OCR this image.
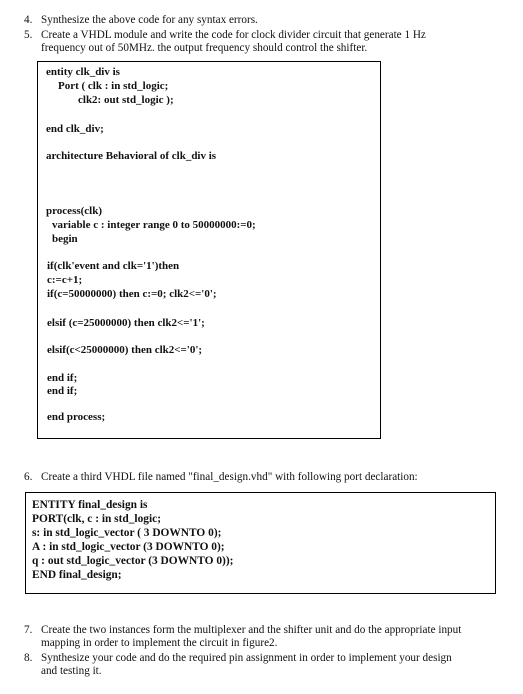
4. Synthesize the above code for any syntax errors.
5. Create a VHDL module and write the code for clock divider circuit that generate 1 Hz
frequency out of 50MHz. the output frequency should control the shifter.
entity clk_div is
Port ( clk : in std_logic;
clk2: out std_logic );
end clk_div;
architecture Behavioral of clk_div is
process(clk)
variable c : integer range 0 to 50000000:=0;
begin
if(clk'event and clk='1')then
c:=c+1;
if(c=50000000) then c:=0; clk2<='0';
elsif (c=25000000) then clk2<='1';
elsif(c<25000000) then clk2<='0';
end if;
end if;
end process;
6. Create a third VHDL file named "final_design.vhd" with following port declaration:
ENTITY final_design is
PORT(clk, c : in std_logic;
s: in std_logic_vector ( 3 DOWNTO 0);
A : in std_logic_vector (3 DOWNTO 0);
q : out std_logic_vector (3 DOWNTO 0));
END final_design;
7. Create the two instances form the multiplexer and the shifter unit and do the appropriate input
mapping in order to implement the circuit in figure2.
8. Synthesize your code and do the required pin assignment in order to implement your design
and testing it.
